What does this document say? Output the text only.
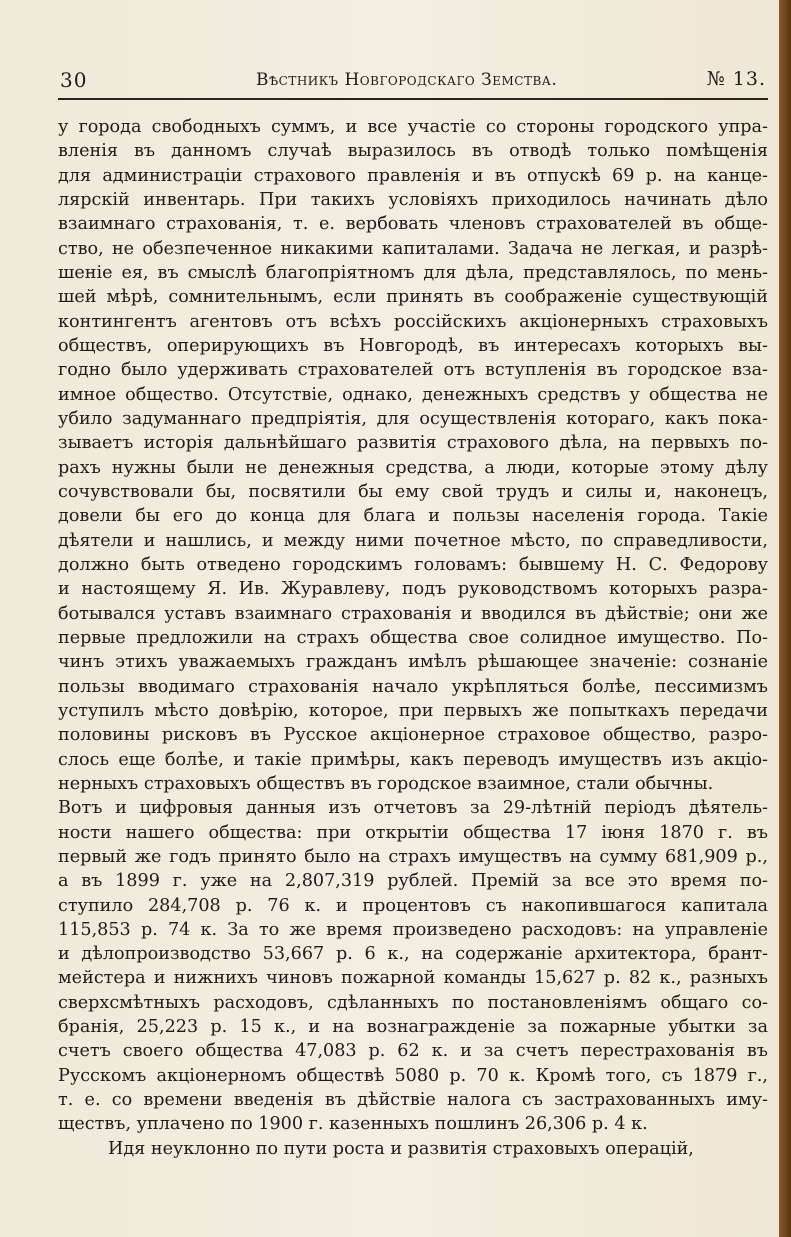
30	Вѣстникъ Новгородскаго Земства.	№ 13.
у города свободныхъ суммъ, и все участіе со стороны городского упра-
вленія въ данномъ случаѣ выразилось въ отводѣ только помѣщенія
для администраціи страхового правленія и въ отпускѣ 69 р. на канце-
лярскій инвентарь. При такихъ условіяхъ приходилось начинать дѣло
взаимнаго страхованія, т. е. вербовать членовъ страхователей въ обще-
ство, не обезпеченное никакими капиталами. Задача не легкая, и разрѣ-
шеніе ея, въ смыслѣ благопріятномъ для дѣла, представлялось, по мень-
шей мѣрѣ, сомнительнымъ, если принять въ соображеніе существующій
контингентъ агентовъ отъ всѣхъ россійскихъ акціонерныхъ страховыхъ
обществъ, оперирующихъ въ Новгородѣ, въ интересахъ которыхъ вы-
годно было удерживать страхователей отъ вступленія въ городское вза-
имное общество. Отсутствіе, однако, денежныхъ средствъ у общества не
убило задуманнаго предпріятія, для осуществленія котораго, какъ пока-
зываетъ исторія дальнѣйшаго развитія страхового дѣла, на первыхъ по-
рахъ нужны были не денежныя средства, а люди, которые этому дѣлу
сочувствовали бы, посвятили бы ему свой трудъ и силы и, наконецъ,
довели бы его до конца для блага и пользы населенія города. Такіе
дѣятели и нашлись, и между ними почетное мѣсто, по справедливости,
должно быть отведено городскимъ головамъ: бывшему Н. С. Федорову
и настоящему Я. Ив. Журавлеву, подъ руководствомъ которыхъ разра-
ботывался уставъ взаимнаго страхованія и вводился въ дѣйствіе; они же
первые предложили на страхъ общества свое солидное имущество. По-
чинъ этихъ уважаемыхъ гражданъ имѣлъ рѣшающее значеніе: сознаніе
пользы вводимаго страхованія начало укрѣпляться болѣе, пессимизмъ
уступилъ мѣсто довѣрію, которое, при первыхъ же попыткахъ передачи
половины рисковъ въ Русское акціонерное страховое общество, разро-
слось еще болѣе, и такіе примѣры, какъ переводъ имуществъ изъ акціо-
нерныхъ страховыхъ обществъ въ городское взаимное, стали обычны.
Вотъ и цифровыя данныя изъ отчетовъ за 29-лѣтній періодъ дѣятель-
ности нашего общества: при открытіи общества 17 іюня 1870 г. въ
первый же годъ принято было на страхъ имуществъ на сумму 681,909 р.,
а въ 1899 г. уже на 2,807,319 рублей. Премій за все это время по-
ступило 284,708 р. 76 к. и процентовъ съ накопившагося капитала
115,853 р. 74 к. За то же время произведено расходовъ: на управленіе
и дѣлопроизводство 53,667 р. 6 к., на содержаніе архитектора, брант-
мейстера и нижнихъ чиновъ пожарной команды 15,627 р. 82 к., разныхъ
сверхсмѣтныхъ расходовъ, сдѣланныхъ по постановленіямъ общаго со-
бранія, 25,223 р. 15 к., и на вознагражденіе за пожарные убытки за
счетъ своего общества 47,083 р. 62 к. и за счетъ перестрахованія въ
Русскомъ акціонерномъ обществѣ 5080 р. 70 к. Кромѣ того, съ 1879 г.,
т. е. со времени введенія въ дѣйствіе налога съ застрахованныхъ иму-
ществъ, уплачено по 1900 г. казенныхъ пошлинъ 26,306 р. 4 к.
Идя неуклонно по пути роста и развитія страховыхъ операцій,
